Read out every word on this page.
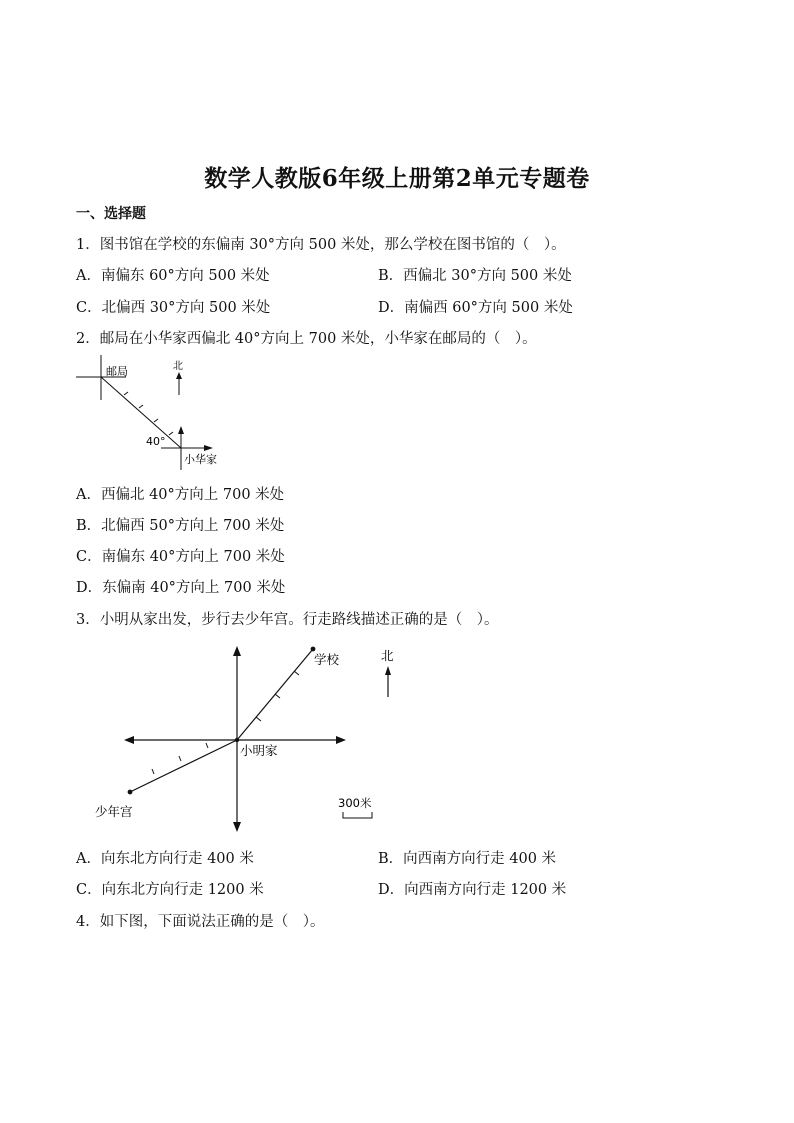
数学人教版6年级上册第2单元专题卷
一、选择题
1．图书馆在学校的东偏南 30°方向 500 米处，那么学校在图书馆的（　）。
A．南偏东 60°方向 500 米处	B．西偏北 30°方向 500 米处
C．北偏西 30°方向 500 米处	D．南偏西 60°方向 500 米处
2．邮局在小华家西偏北 40°方向上 700 米处，小华家在邮局的（　）。
邮局	北
40°
小华家
A．西偏北 40°方向上 700 米处
B．北偏西 50°方向上 700 米处
C．南偏东 40°方向上 700 米处
D．东偏南 40°方向上 700 米处
3．小明从家出发，步行去少年宫。行走路线描述正确的是（　）。
学校
小明家
少年宫
北
300米
A．向东北方向行走 400 米	B．向西南方向行走 400 米
C．向东北方向行走 1200 米	D．向西南方向行走 1200 米
4．如下图，下面说法正确的是（　）。
